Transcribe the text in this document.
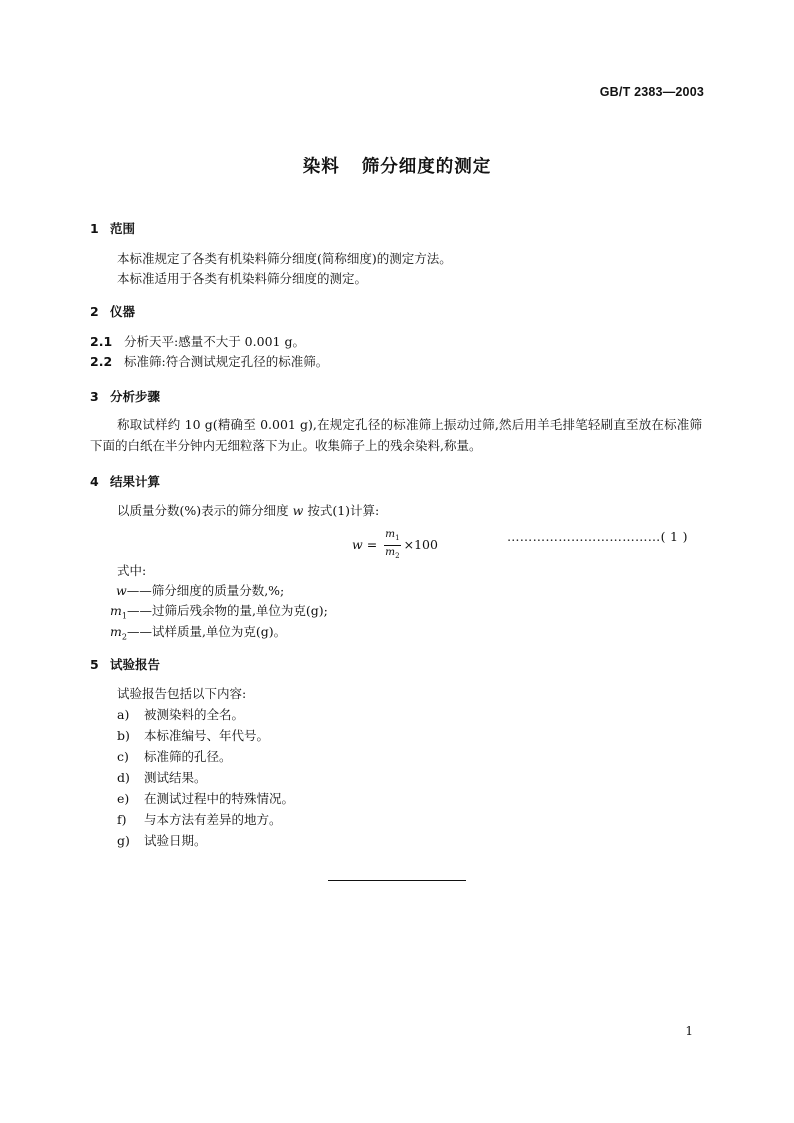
GB/T 2383—2003
染料 筛分细度的测定
1 范围
本标准规定了各类有机染料筛分细度(简称细度)的测定方法。
本标准适用于各类有机染料筛分细度的测定。
2 仪器
2.1 分析天平:感量不大于 0.001 g。
2.2 标准筛:符合测试规定孔径的标准筛。
3 分析步骤
称取试样约 10 g(精确至 0.001 g),在规定孔径的标准筛上振动过筛,然后用羊毛排笔轻刷直至放在标准筛下面的白纸在半分钟内无细粒落下为止。收集筛子上的残余染料,称量。
4 结果计算
以质量分数(%)表示的筛分细度 w 按式(1)计算:
$w = \frac{m_1}{m_2} \times 100$
………………………………( 1 )
式中:
w——筛分细度的质量分数,%;
$m_1——$过筛后残余物的量,单位为克(g);
$m_2——$试样质量,单位为克(g)。
5 试验报告
试验报告包括以下内容:
a) 被测染料的全名。
b) 本标准编号、年代号。
c) 标准筛的孔径。
d) 测试结果。
e) 在测试过程中的特殊情况。
f) 与本方法有差异的地方。
g) 试验日期。
1
